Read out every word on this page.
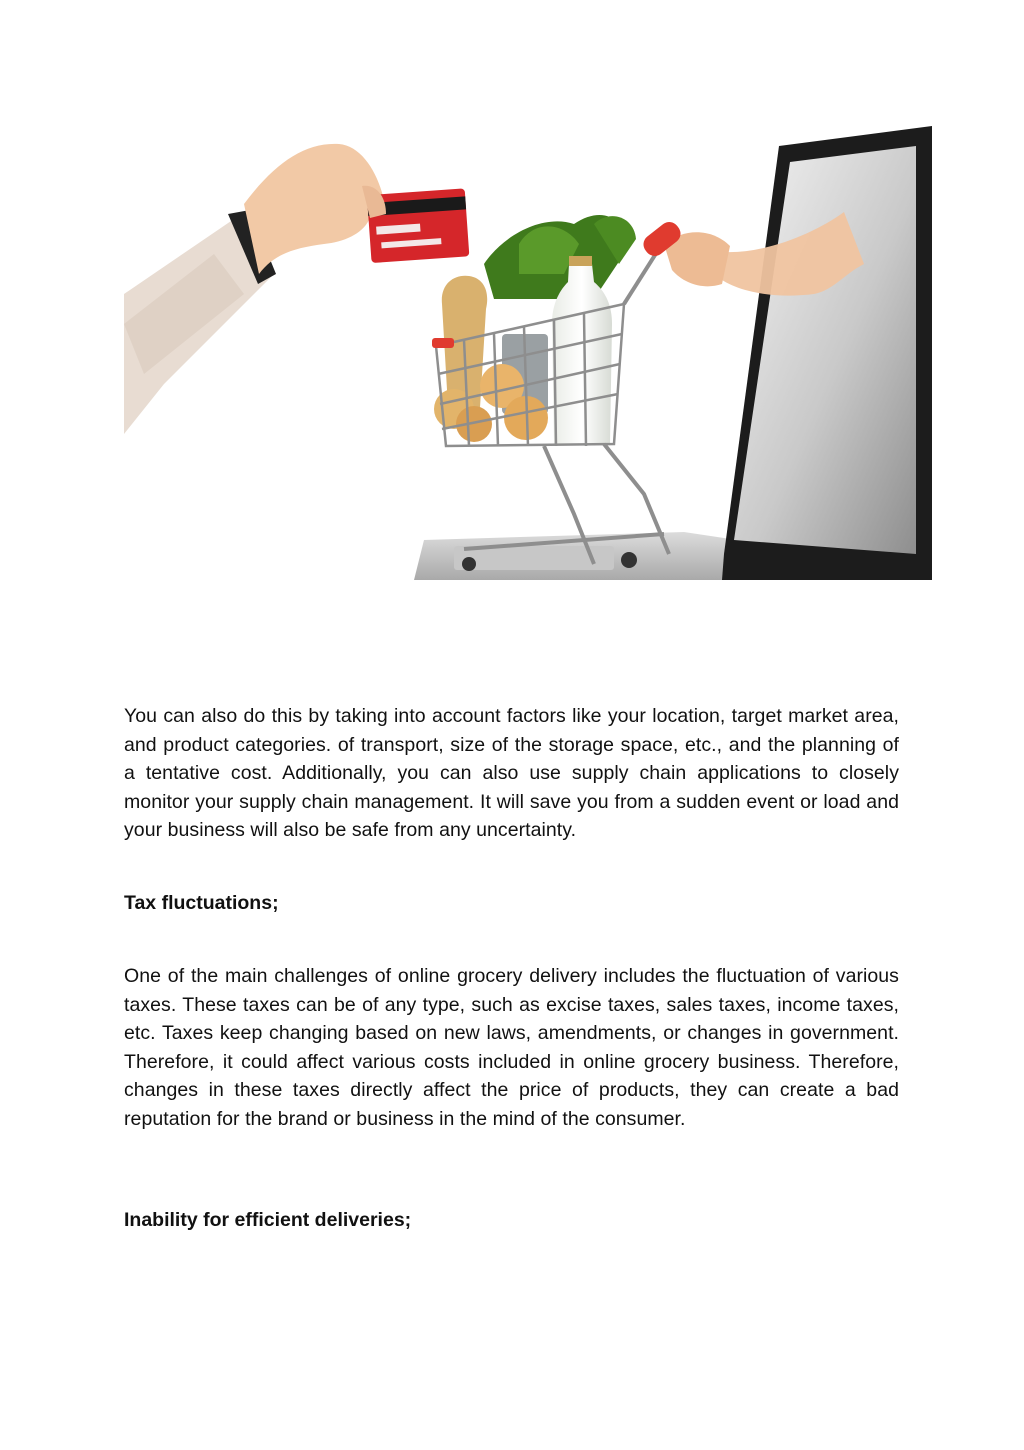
You can also do this by taking into account factors like your location, target market area, and product categories. of transport, size of the storage space, etc., and the planning of a tentative cost. Additionally, you can also use supply chain applications to closely monitor your supply chain management. It will save you from a sudden event or load and your business will also be safe from any uncertainty.

Tax fluctuations;

One of the main challenges of online grocery delivery includes the fluctuation of various taxes. These taxes can be of any type, such as excise taxes, sales taxes, income taxes, etc. Taxes keep changing based on new laws, amendments, or changes in government. Therefore, it could affect various costs included in online grocery business. Therefore, changes in these taxes directly affect the price of products, they can create a bad reputation for the brand or business in the mind of the consumer.

Inability for efficient deliveries;
